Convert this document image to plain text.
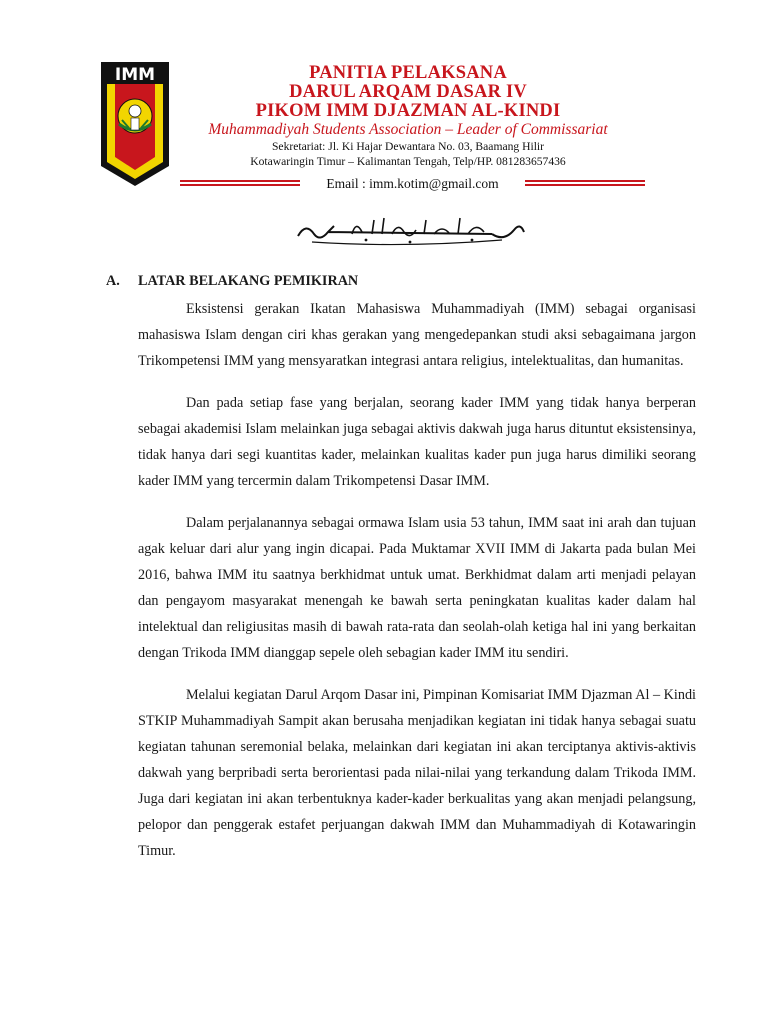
IMM	PANITIA PELAKSANA
DARUL ARQAM DASAR IV
PIKOM IMM DJAZMAN AL-KINDI
Muhammadiyah Students Association – Leader of Commissariat
Sekretariat: Jl. Ki Hajar Dewantara No. 03, Baamang Hilir
Kotawaringin Timur – Kalimantan Tengah, Telp/HP. 081283657436
Email : imm.kotim@gmail.com
A. LATAR BELAKANG PEMIKIRAN

Eksistensi gerakan Ikatan Mahasiswa Muhammadiyah (IMM) sebagai organisasi mahasiswa Islam dengan ciri khas gerakan yang mengedepankan studi aksi sebagaimana jargon Trikompetensi IMM yang mensyaratkan integrasi antara religius, intelektualitas, dan humanitas.

Dan pada setiap fase yang berjalan, seorang kader IMM yang tidak hanya berperan sebagai akademisi Islam melainkan juga sebagai aktivis dakwah juga harus dituntut eksistensinya, tidak hanya dari segi kuantitas kader, melainkan kualitas kader pun juga harus dimiliki seorang kader IMM yang tercermin dalam Trikompetensi Dasar IMM.

Dalam perjalanannya sebagai ormawa Islam usia 53 tahun, IMM saat ini arah dan tujuan agak keluar dari alur yang ingin dicapai. Pada Muktamar XVII IMM di Jakarta pada bulan Mei 2016, bahwa IMM itu saatnya berkhidmat untuk umat. Berkhidmat dalam arti menjadi pelayan dan pengayom masyarakat menengah ke bawah serta peningkatan kualitas kader dalam hal intelektual dan religiusitas masih di bawah rata-rata dan seolah-olah ketiga hal ini yang berkaitan dengan Trikoda IMM dianggap sepele oleh sebagian kader IMM itu sendiri.

Melalui kegiatan Darul Arqom Dasar ini, Pimpinan Komisariat IMM Djazman Al – Kindi STKIP Muhammadiyah Sampit akan berusaha menjadikan kegiatan ini tidak hanya sebagai suatu kegiatan tahunan seremonial belaka, melainkan dari kegiatan ini akan terciptanya aktivis-aktivis dakwah yang berpribadi serta berorientasi pada nilai-nilai yang terkandung dalam Trikoda IMM. Juga dari kegiatan ini akan terbentuknya kader-kader berkualitas yang akan menjadi pelangsung, pelopor dan penggerak estafet perjuangan dakwah IMM dan Muhammadiyah di Kotawaringin Timur.
